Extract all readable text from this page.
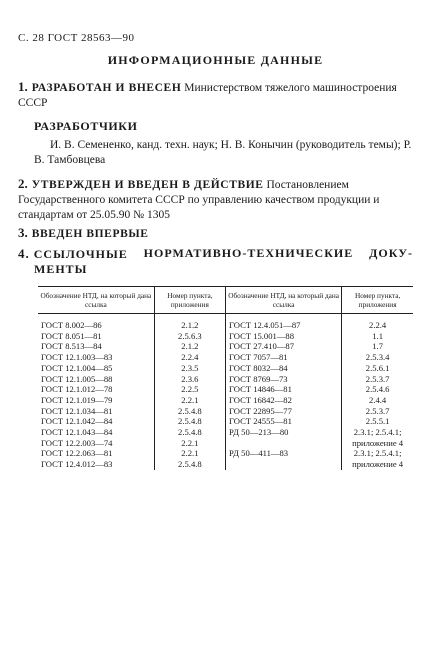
С. 28 ГОСТ 28563—90
ИНФОРМАЦИОННЫЕ ДАННЫЕ
1. РАЗРАБОТАН И ВНЕСЕН Министерством тяжелого машиностроения СССР
РАЗРАБОТЧИКИ
И. В. Семененко, канд. техн. наук; Н. В. Конычин (руководитель темы); Р. В. Тамбовцева
2. УТВЕРЖДЕН И ВВЕДЕН В ДЕЙСТВИЕ Постановлением Государственного комитета СССР по управлению качеством продукции и стандартам от 25.05.90 № 1305
3. ВВЕДЕН ВПЕРВЫЕ
4. ССЫЛОЧНЫЕ НОРМАТИВНО-ТЕХНИЧЕСКИЕ ДОКУ-
МЕНТЫ
Обозначение НТД, на который дана ссылка	Номер пункта, приложения	Обозначение НТД, на который дана ссылка	Номер пункта, приложения
ГОСТ 8.002—86	2.1.2	ГОСТ 12.4.051—87	2.2.4
ГОСТ 8.051—81	2.5.6.3	ГОСТ 15.001—88	1.1
ГОСТ 8.513—84	2.1.2	ГОСТ 27.410—87	1.7
ГОСТ 12.1.003—83	2.2.4	ГОСТ 7057—81	2.5.3.4
ГОСТ 12.1.004—85	2.3.5	ГОСТ 8032—84	2.5.6.1
ГОСТ 12.1.005—88	2.3.6	ГОСТ 8769—73	2.5.3.7
ГОСТ 12.1.012—78	2.2.5	ГОСТ 14846—81	2.5.4.6
ГОСТ 12.1.019—79	2.2.1	ГОСТ 16842—82	2.4.4
ГОСТ 12.1.034—81	2.5.4.8	ГОСТ 22895—77	2.5.3.7
ГОСТ 12.1.042—84	2.5.4.8	ГОСТ 24555—81	2.5.5.1
ГОСТ 12.1.043—84	2.5.4.8	РД 50—213—80	2.3.1; 2.5.4.1;
ГОСТ 12.2.003—74	2.2.1		приложение 4
ГОСТ 12.2.063—81	2.2.1	РД 50—411—83	2.3.1; 2.5.4.1;
ГОСТ 12.4.012—83	2.5.4.8		приложение 4
